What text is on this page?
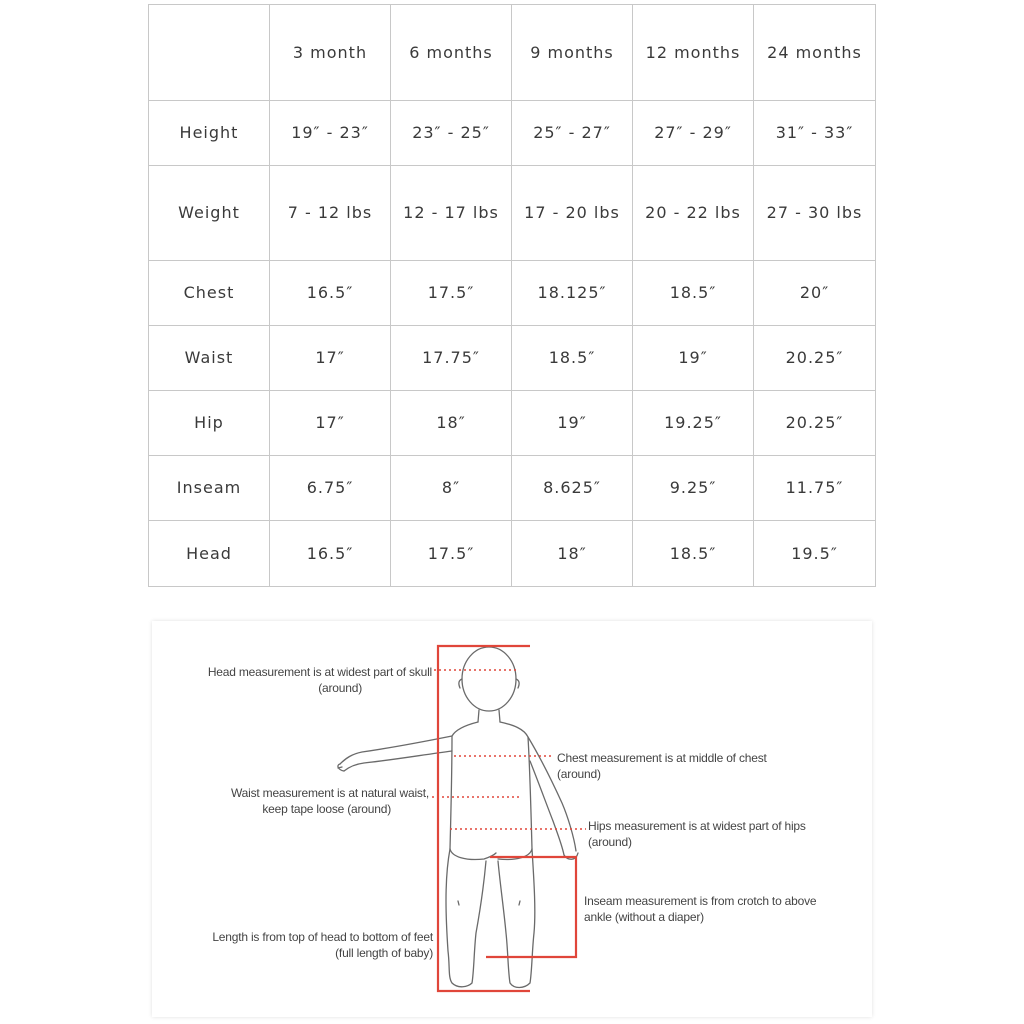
	3 month	6 months	9 months	12 months	24 months
Height	19″ - 23″	23″ - 25″	25″ - 27″	27″ - 29″	31″ - 33″
Weight	7 - 12 lbs	12 - 17 lbs	17 - 20 lbs	20 - 22 lbs	27 - 30 lbs
Chest	16.5″	17.5″	18.125″	18.5″	20″
Waist	17″	17.75″	18.5″	19″	20.25″
Hip	17″	18″	19″	19.25″	20.25″
Inseam	6.75″	8″	8.625″	9.25″	11.75″
Head	16.5″	17.5″	18″	18.5″	19.5″
Head measurement is at widest part of skull
(around)
Chest measurement is at middle of chest
(around)
Waist measurement is at natural waist,
keep tape loose (around)
Hips measurement is at widest part of hips
(around)
Inseam measurement is from crotch to above
ankle (without a diaper)
Length is from top of head to bottom of feet
(full length of baby)
